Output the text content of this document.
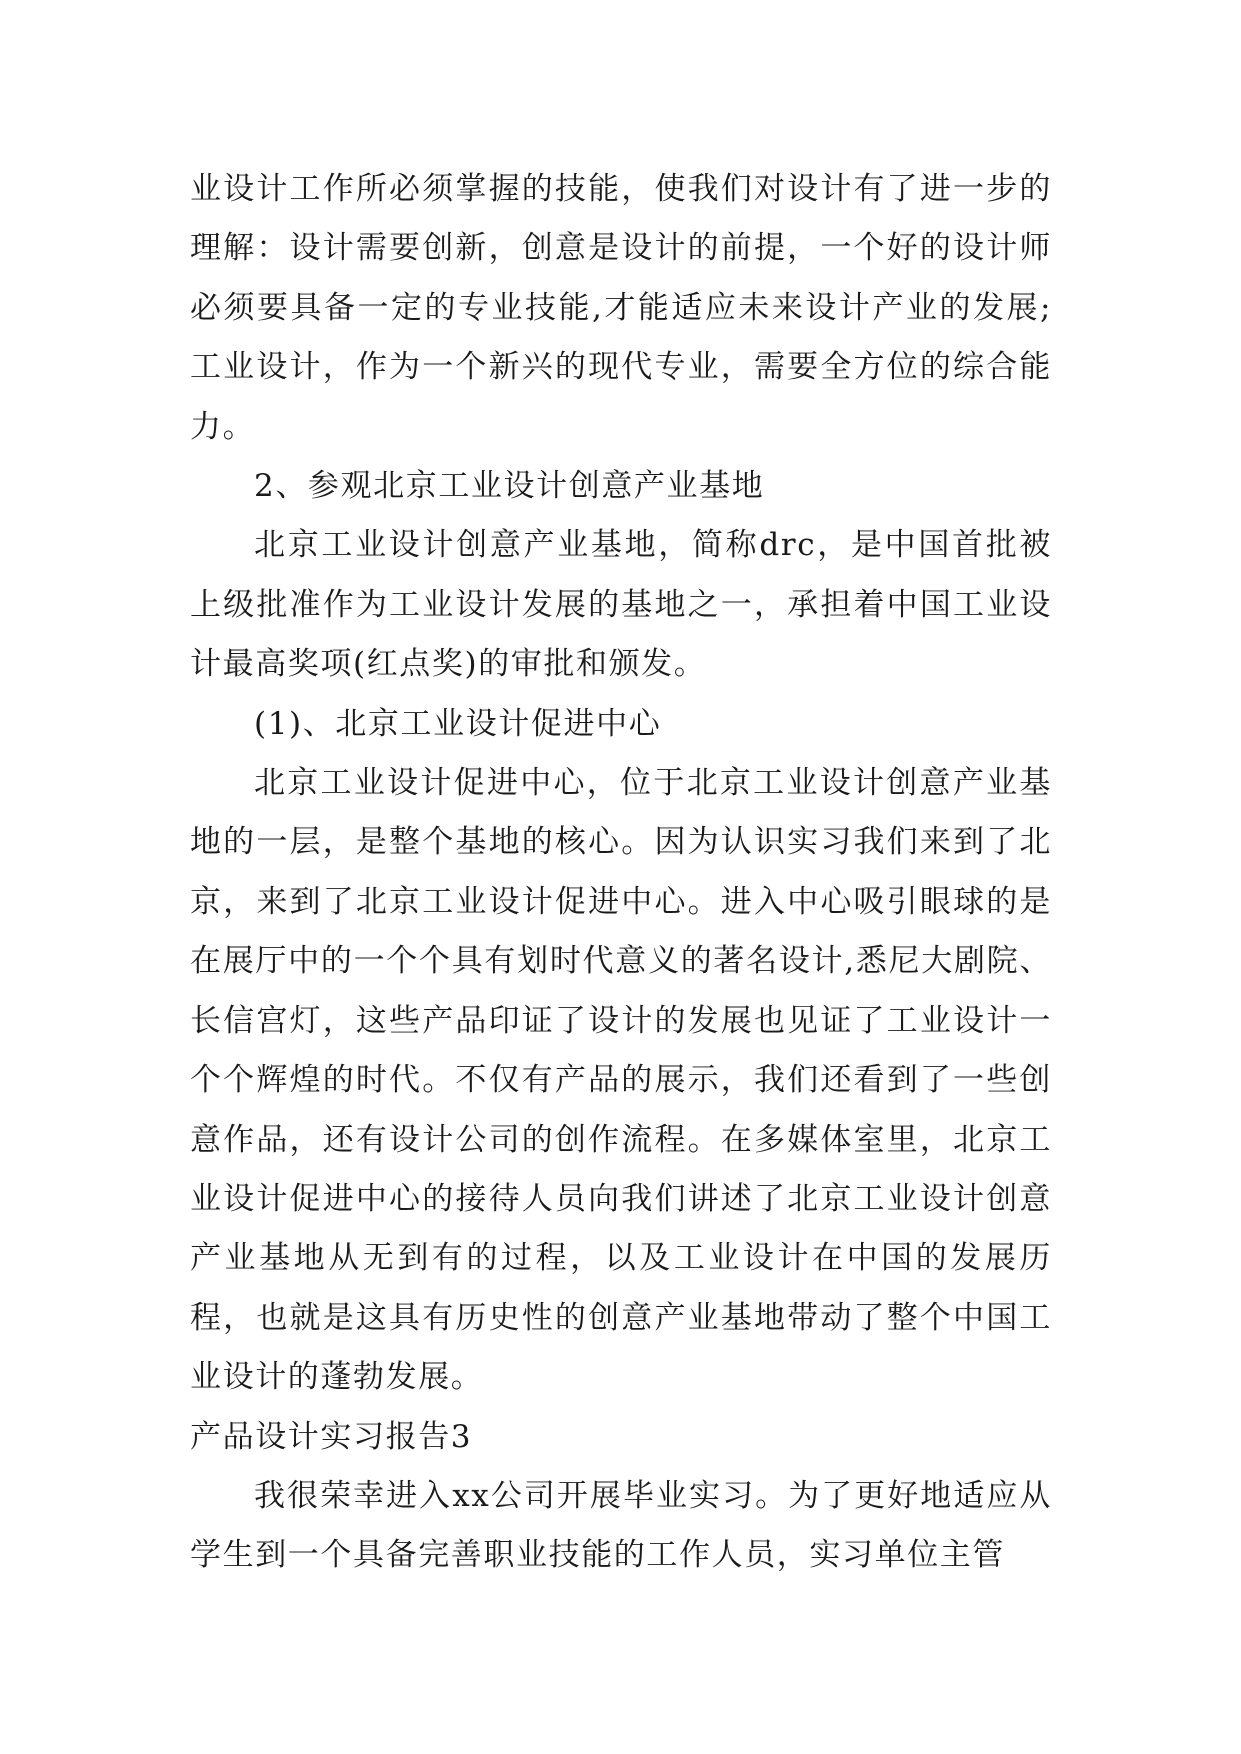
业设计工作所必须掌握的技能，使我们对设计有了进一步的理解：设计需要创新，创意是设计的前提，一个好的设计师必须要具备一定的专业技能,才能适应未来设计产业的发展;工业设计，作为一个新兴的现代专业，需要全方位的综合能力。

2、参观北京工业设计创意产业基地

北京工业设计创意产业基地，简称drc，是中国首批被上级批准作为工业设计发展的基地之一，承担着中国工业设计最高奖项(红点奖)的审批和颁发。

(1)、北京工业设计促进中心

北京工业设计促进中心，位于北京工业设计创意产业基地的一层，是整个基地的核心。因为认识实习我们来到了北京，来到了北京工业设计促进中心。进入中心吸引眼球的是在展厅中的一个个具有划时代意义的著名设计,悉尼大剧院、长信宫灯，这些产品印证了设计的发展也见证了工业设计一个个辉煌的时代。不仅有产品的展示，我们还看到了一些创意作品，还有设计公司的创作流程。在多媒体室里，北京工业设计促进中心的接待人员向我们讲述了北京工业设计创意产业基地从无到有的过程，以及工业设计在中国的发展历程，也就是这具有历史性的创意产业基地带动了整个中国工业设计的蓬勃发展。

产品设计实习报告3

我很荣幸进入xx公司开展毕业实习。为了更好地适应从学生到一个具备完善职业技能的工作人员，实习单位主管
